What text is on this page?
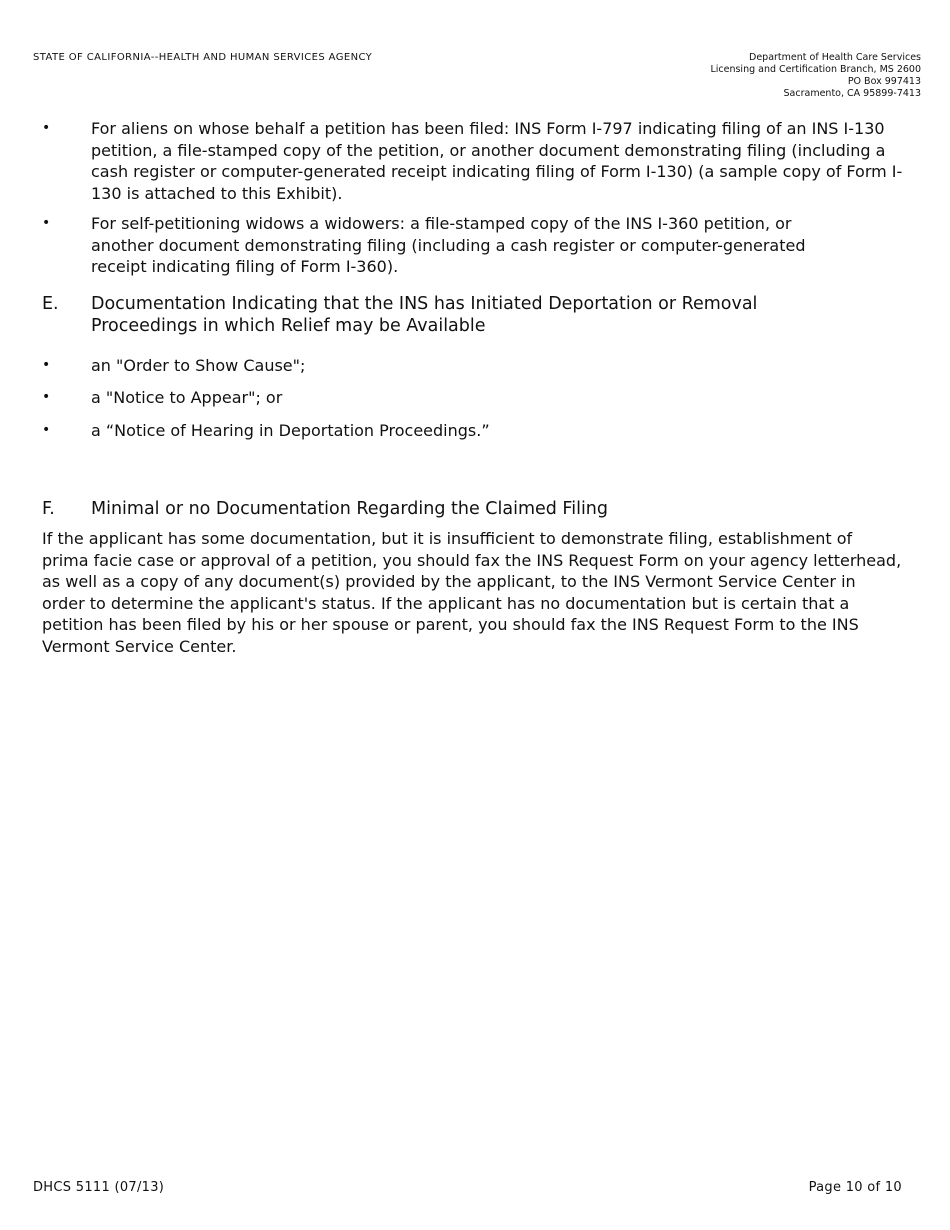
STATE OF CALIFORNIA--HEALTH AND HUMAN SERVICES AGENCY	Department of Health Care Services
Licensing and Certification Branch, MS 2600
PO Box 997413
Sacramento, CA 95899-7413
•	For aliens on whose behalf a petition has been filed: INS Form I-797 indicating filing of an INS I-130 petition, a file-stamped copy of the petition, or another document demonstrating filing (including a cash register or computer-generated receipt indicating filing of Form I-130) (a sample copy of Form I-130 is attached to this Exhibit).
•	For self-petitioning widows a widowers: a file-stamped copy of the INS I-360 petition, or another document demonstrating filing (including a cash register or computer-generated receipt indicating filing of Form I-360).
E.	Documentation Indicating that the INS has Initiated Deportation or Removal Proceedings in which Relief may be Available
•	an "Order to Show Cause";
•	a "Notice to Appear"; or
•	a “Notice of Hearing in Deportation Proceedings.”
F.	Minimal or no Documentation Regarding the Claimed Filing
If the applicant has some documentation, but it is insufficient to demonstrate filing, establishment of prima facie case or approval of a petition, you should fax the INS Request Form on your agency letterhead, as well as a copy of any document(s) provided by the applicant, to the INS Vermont Service Center in order to determine the applicant's status. If the applicant has no documentation but is certain that a petition has been filed by his or her spouse or parent, you should fax the INS Request Form to the INS Vermont Service Center.
DHCS 5111 (07/13)	Page 10 of 10
